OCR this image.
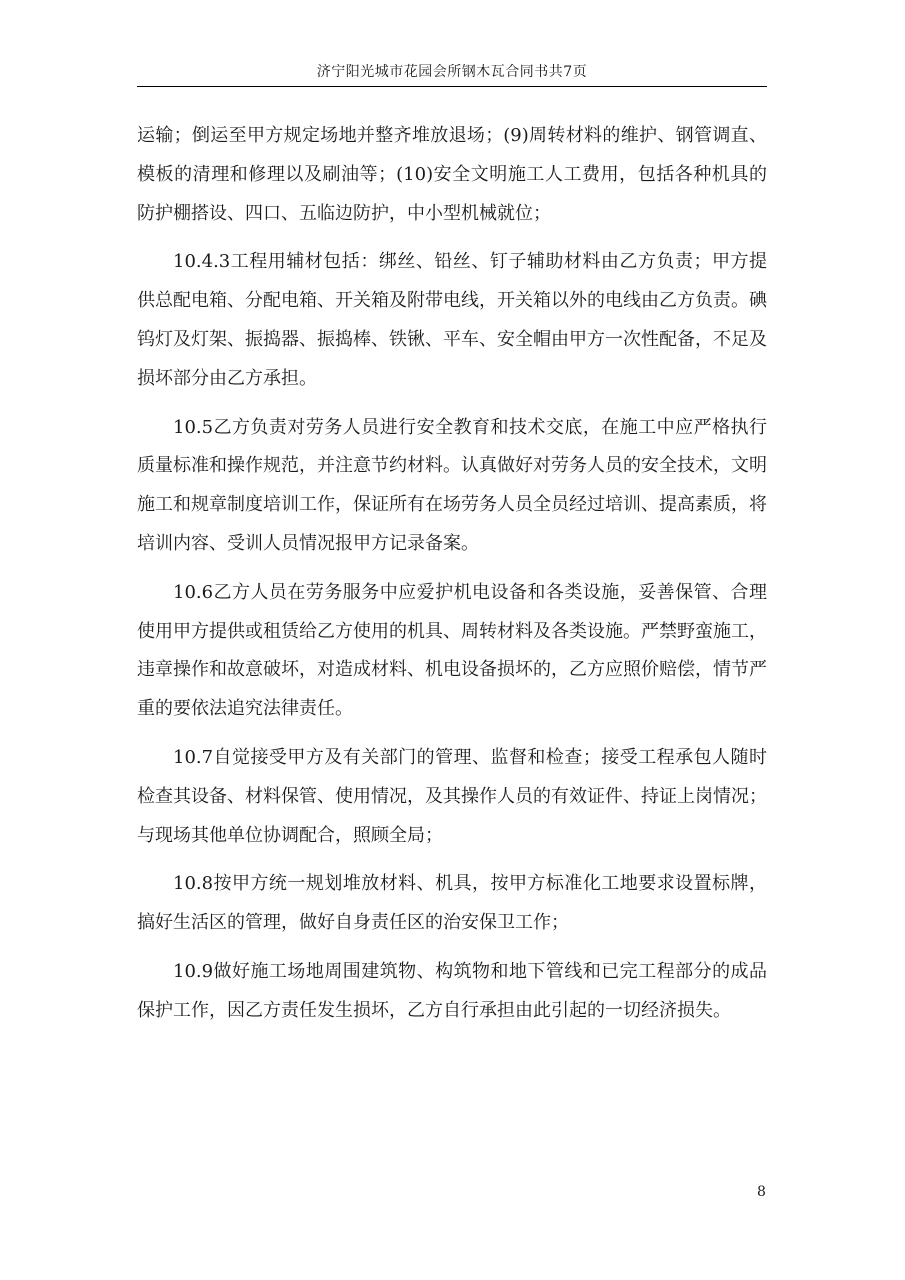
济宁阳光城市花园会所钢木瓦合同书共7页

运输；倒运至甲方规定场地并整齐堆放退场；(9)周转材料的维护、钢管调直、模板的清理和修理以及刷油等；(10)安全文明施工人工费用，包括各种机具的防护棚搭设、四口、五临边防护，中小型机械就位；

10.4.3工程用辅材包括：绑丝、铅丝、钉子辅助材料由乙方负责；甲方提供总配电箱、分配电箱、开关箱及附带电线，开关箱以外的电线由乙方负责。碘钨灯及灯架、振捣器、振捣棒、铁锹、平车、安全帽由甲方一次性配备，不足及损坏部分由乙方承担。

10.5乙方负责对劳务人员进行安全教育和技术交底，在施工中应严格执行质量标准和操作规范，并注意节约材料。认真做好对劳务人员的安全技术，文明施工和规章制度培训工作，保证所有在场劳务人员全员经过培训、提高素质，将培训内容、受训人员情况报甲方记录备案。

10.6乙方人员在劳务服务中应爱护机电设备和各类设施，妥善保管、合理使用甲方提供或租赁给乙方使用的机具、周转材料及各类设施。严禁野蛮施工，违章操作和故意破坏，对造成材料、机电设备损坏的，乙方应照价赔偿，情节严重的要依法追究法律责任。

10.7自觉接受甲方及有关部门的管理、监督和检查；接受工程承包人随时检查其设备、材料保管、使用情况，及其操作人员的有效证件、持证上岗情况；与现场其他单位协调配合，照顾全局；

10.8按甲方统一规划堆放材料、机具，按甲方标准化工地要求设置标牌，搞好生活区的管理，做好自身责任区的治安保卫工作；

10.9做好施工场地周围建筑物、构筑物和地下管线和已完工程部分的成品保护工作，因乙方责任发生损坏，乙方自行承担由此引起的一切经济损失。

8
